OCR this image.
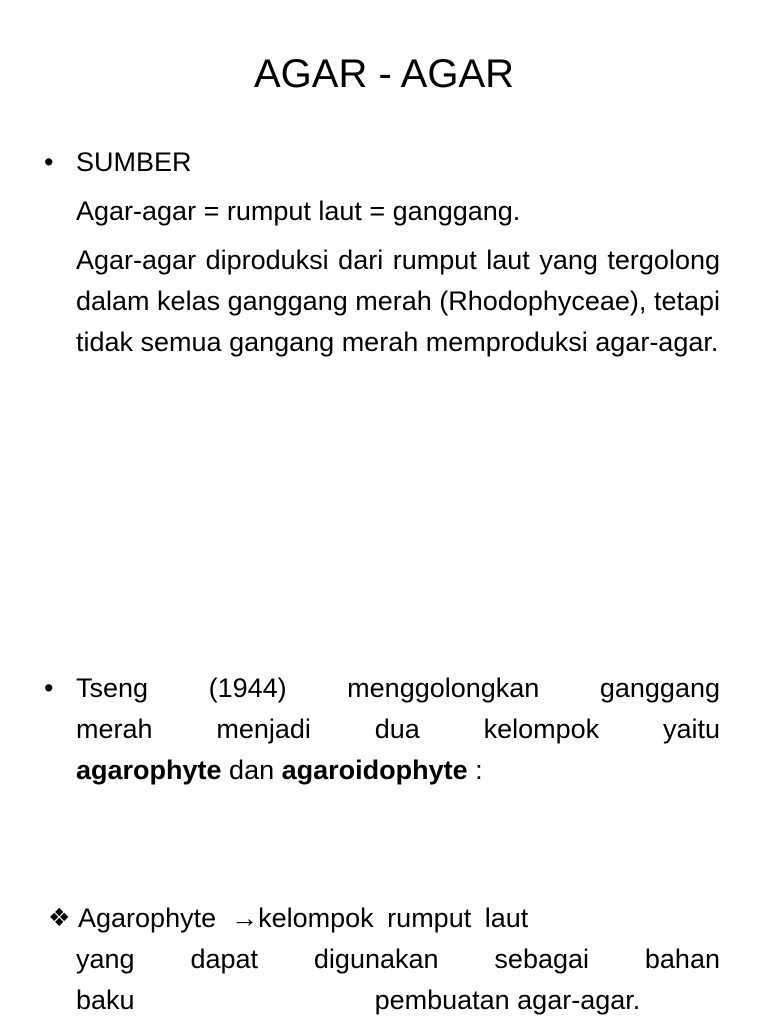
AGAR - AGAR
• SUMBER

Agar-agar = rumput laut = ganggang.

Agar-agar diproduksi dari rumput laut yang tergolong dalam kelas ganggang merah (Rhodophyceae), tetapi tidak semua gangang merah memproduksi agar-agar.

• Tseng (1944) menggolongkan ganggang

merah menjadi dua kelompok yaitu

agarophyte dan agaroidophyte :

❖ Agarophyte →kelompok rumput laut

yang dapat digunakan sebagai bahan

baku	pembuatan agar-agar.
